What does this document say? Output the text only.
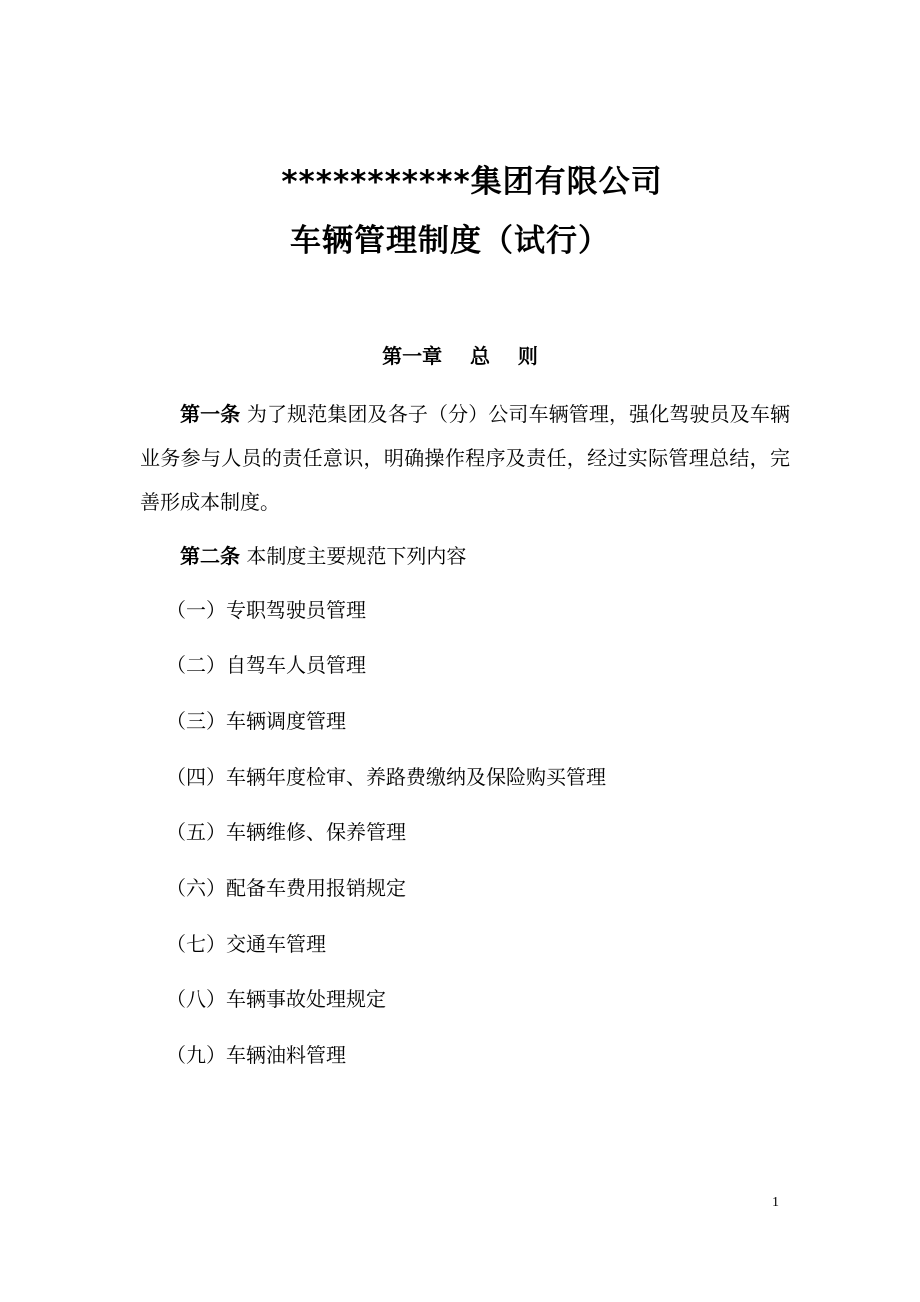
***********集团有限公司
车辆管理制度（试行）
第一章    总    则
第一条 为了规范集团及各子（分）公司车辆管理，强化驾驶员及车辆业务参与人员的责任意识，明确操作程序及责任，经过实际管理总结，完善形成本制度。
第二条 本制度主要规范下列内容
（一）专职驾驶员管理
（二）自驾车人员管理
（三）车辆调度管理
（四）车辆年度检审、养路费缴纳及保险购买管理
（五）车辆维修、保养管理
（六）配备车费用报销规定
（七）交通车管理
（八）车辆事故处理规定
（九）车辆油料管理
1
